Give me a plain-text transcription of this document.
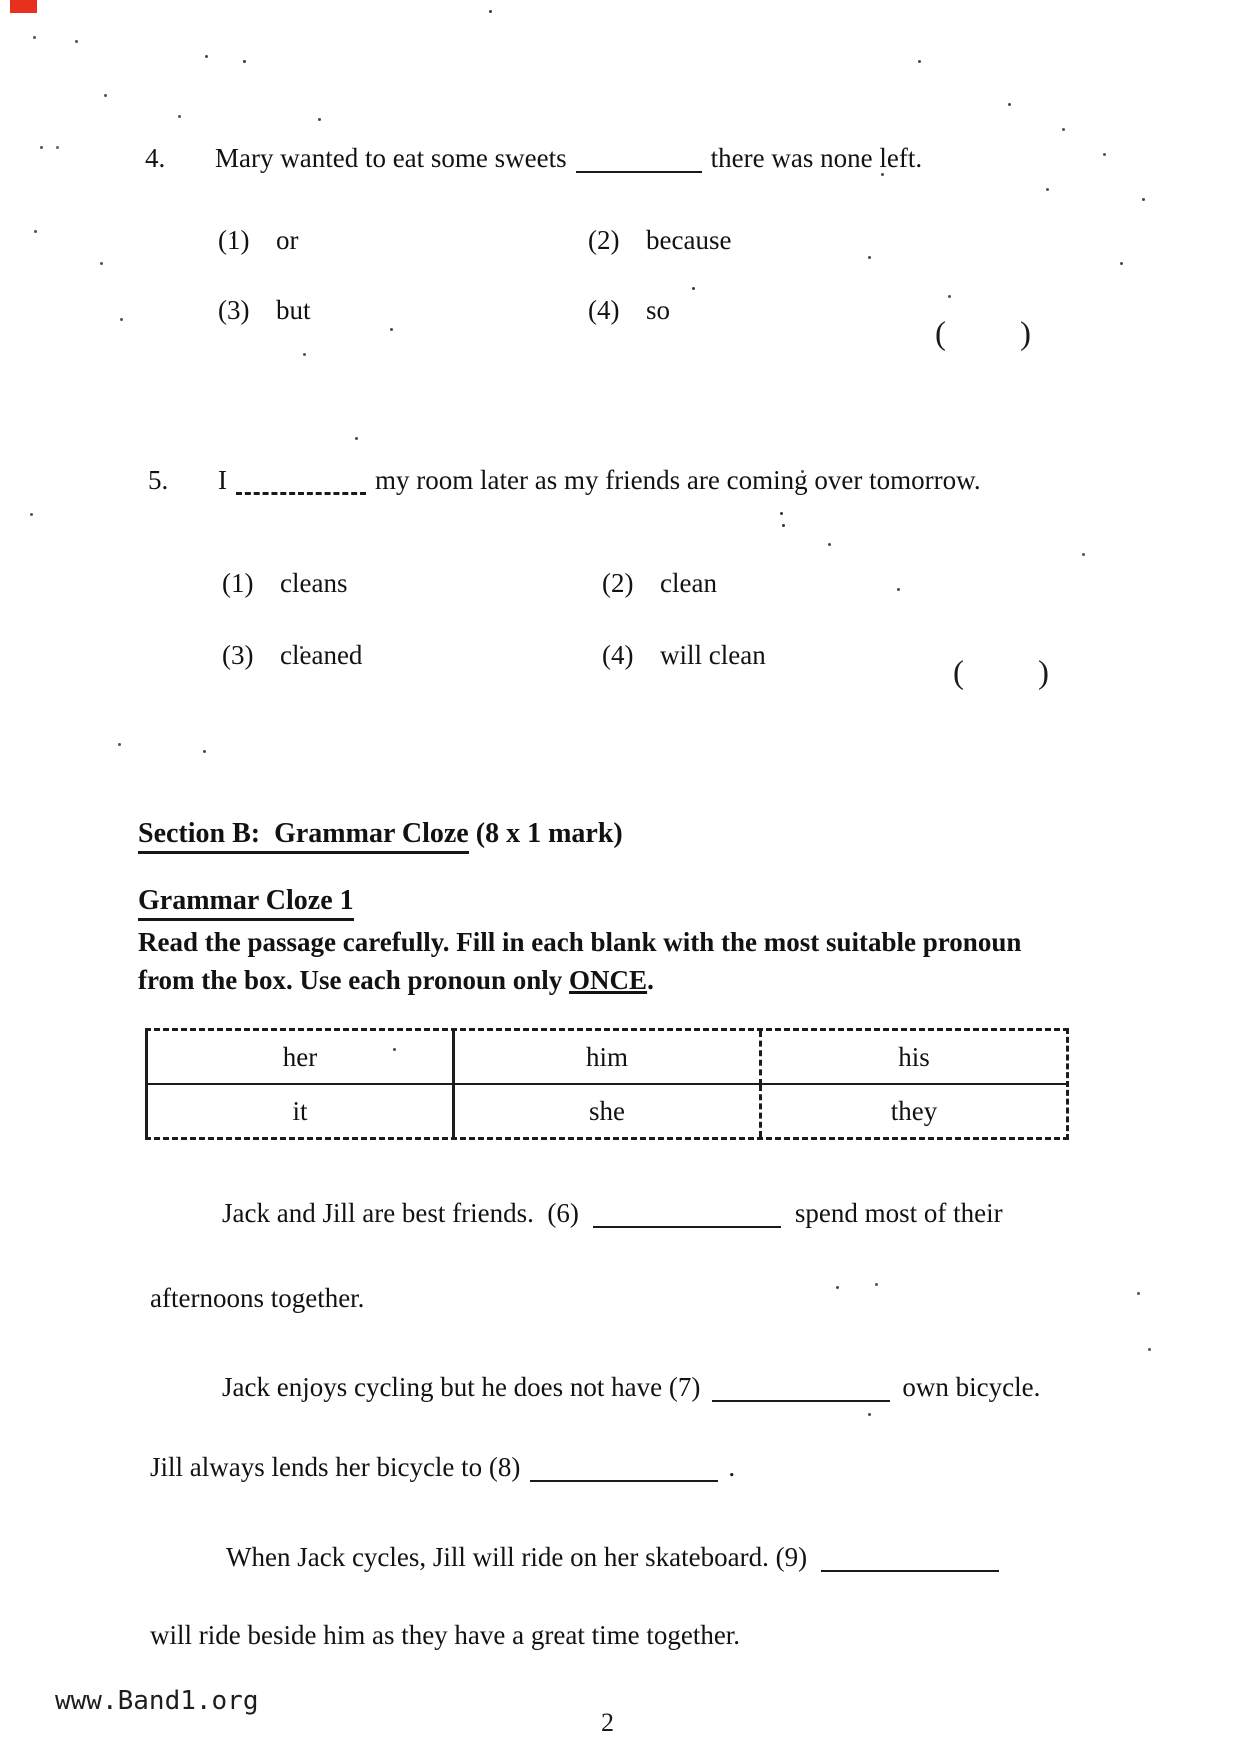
4. Mary wanted to eat some sweets	there was none left.
(1) or	(2) because
(3) but	(4) so
( )
5. I	my room later as my friends are coming over tomorrow.
(1) cleans	(2) clean
(3) cleaned	(4) will clean	( )
Section B:  Grammar Cloze (8 x 1 mark)
Grammar Cloze 1
Read the passage carefully. Fill in each blank with the most suitable pronoun
from the box. Use each pronoun only ONCE.
her	him	his
it	she	they
Jack and Jill are best friends.  (6)	spend most of their
afternoons together.
Jack enjoys cycling but he does not have (7)	own bicycle.
Jill always lends her bicycle to (8)	.
When Jack cycles, Jill will ride on her skateboard. (9)
will ride beside him as they have a great time together.
www.Band1.org
2
